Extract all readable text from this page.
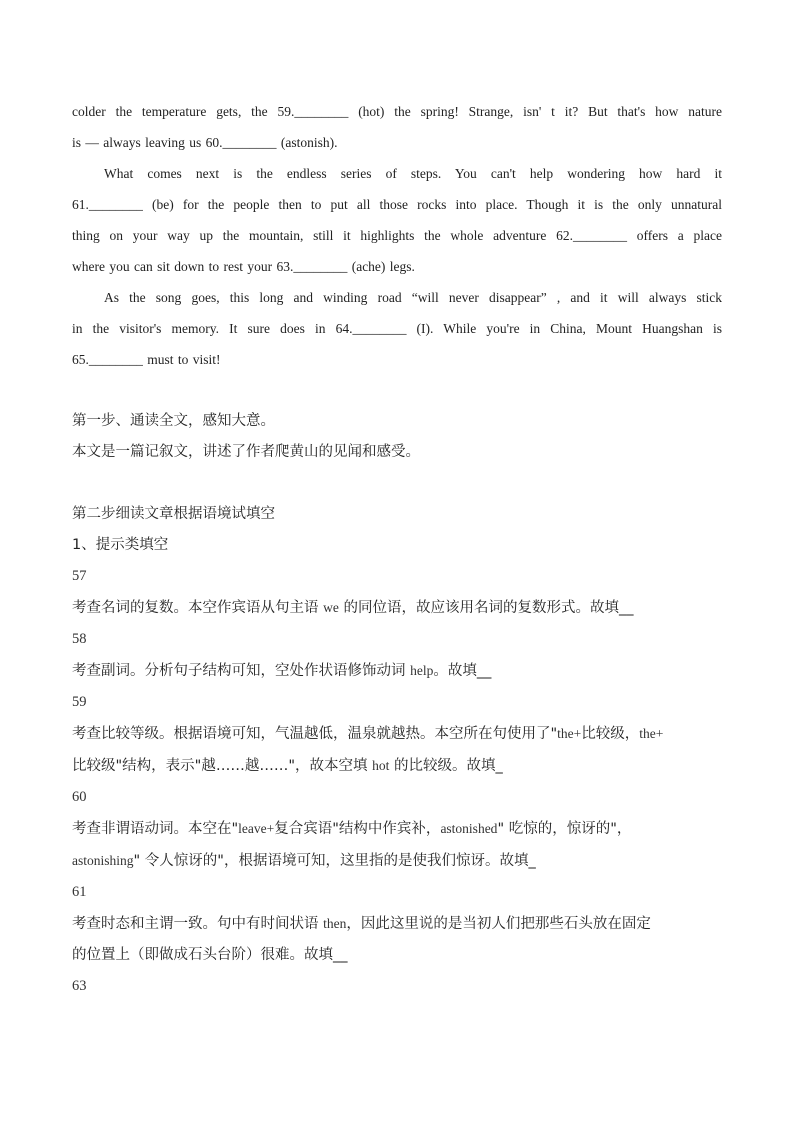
colder the temperature gets, the 59.________ (hot) the spring! Strange, isn' t it? But that's how nature
is — always leaving us 60.________ (astonish).
What comes next is the endless series of steps. You can't help wondering how hard it
61.________ (be) for the people then to put all those rocks into place. Though it is the only unnatural
thing on your way up the mountain, still it highlights the whole adventure 62.________ offers a place
where you can sit down to rest your 63.________ (ache) legs.
As the song goes, this long and winding road “will never disappear” , and it will always stick
in the visitor's memory. It sure does in 64.________ (I). While you're in China, Mount Huangshan is
65.________ must to visit!
第一步、通读全文，感知大意。
本文是一篇记叙文，讲述了作者爬黄山的见闻和感受。
第二步细读文章根据语境试填空
1、提示类填空
57
考查名词的复数。本空作宾语从句主语 we 的同位语，故应该用名词的复数形式。故填__
58
考查副词。分析句子结构可知，空处作状语修饰动词 help。故填__
59
考查比较等级。根据语境可知，气温越低，温泉就越热。本空所在句使用了"the+比较级，the+
比较级"结构，表示"越……越……"，故本空填 hot 的比较级。故填_
60
考查非谓语动词。本空在"leave+复合宾语"结构中作宾补，astonished" 吃惊的，惊讶的"，
astonishing" 令人惊讶的"，根据语境可知，这里指的是使我们惊讶。故填_
61
考查时态和主谓一致。句中有时间状语 then，因此这里说的是当初人们把那些石头放在固定
的位置上（即做成石头台阶）很难。故填__
63
